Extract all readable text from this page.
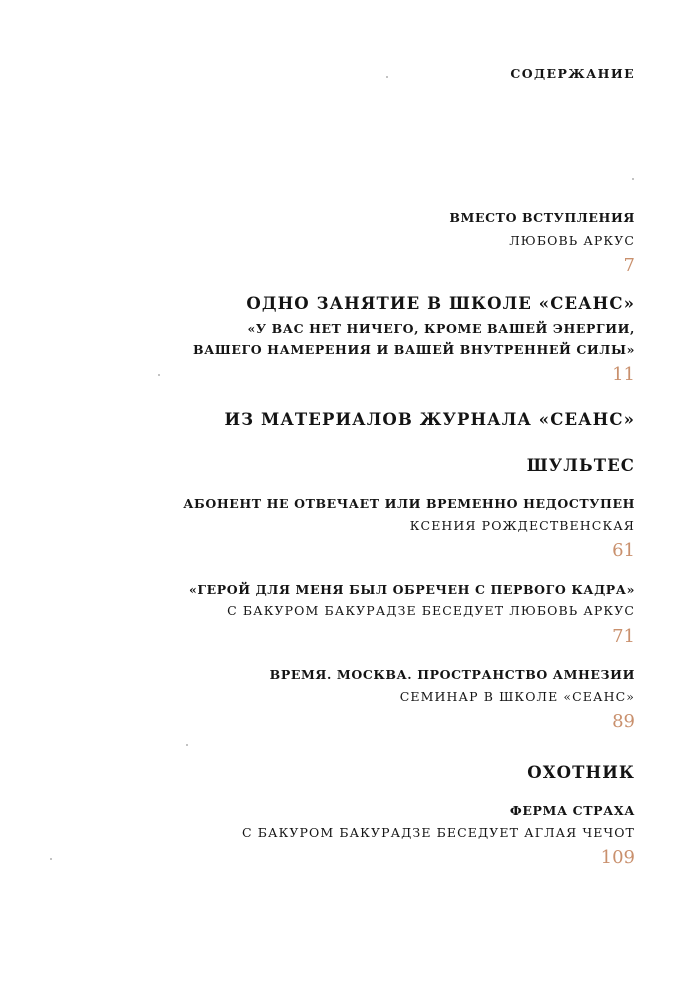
СОДЕРЖАНИЕ
ВМЕСТО ВСТУПЛЕНИЯ
ЛЮБОВЬ АРКУС
7
ОДНО ЗАНЯТИЕ В ШКОЛЕ «СЕАНС»
«У ВАС НЕТ НИЧЕГО, КРОМЕ ВАШЕЙ ЭНЕРГИИ,
ВАШЕГО НАМЕРЕНИЯ И ВАШЕЙ ВНУТРЕННЕЙ СИЛЫ»
11
ИЗ МАТЕРИАЛОВ ЖУРНАЛА «СЕАНС»
ШУЛЬТЕС
АБОНЕНТ НЕ ОТВЕЧАЕТ ИЛИ ВРЕМЕННО НЕДОСТУПЕН
КСЕНИЯ РОЖДЕСТВЕНСКАЯ
61
«ГЕРОЙ ДЛЯ МЕНЯ БЫЛ ОБРЕЧЕН С ПЕРВОГО КАДРА»
С БАКУРОМ БАКУРАДЗЕ БЕСЕДУЕТ ЛЮБОВЬ АРКУС
71
ВРЕМЯ. МОСКВА. ПРОСТРАНСТВО АМНЕЗИИ
СЕМИНАР В ШКОЛЕ «СЕАНС»
89
ОХОТНИК
ФЕРМА СТРАХА
С БАКУРОМ БАКУРАДЗЕ БЕСЕДУЕТ АГЛАЯ ЧЕЧОТ
109
